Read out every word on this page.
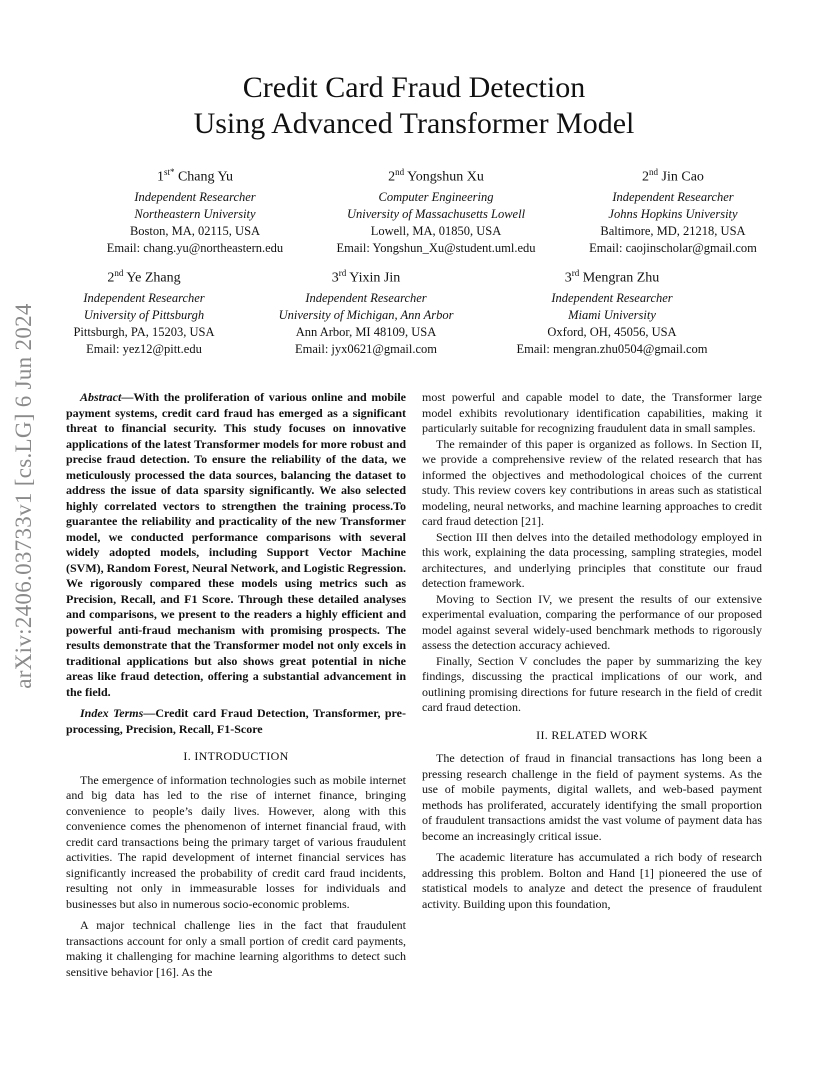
arXiv:2406.03733v1 [cs.LG] 6 Jun 2024
Credit Card Fraud Detection
Using Advanced Transformer Model
$1^{st*}$ Chang Yu
Independent Researcher
Northeastern University
Boston, MA, 02115, USA
Email: chang.yu@northeastern.edu
2nd Yongshun Xu
Computer Engineering
University of Massachusetts Lowell
Lowell, MA, 01850, USA
Email: Yongshun_Xu@student.uml.edu
2nd Jin Cao
Independent Researcher
Johns Hopkins University
Baltimore, MD, 21218, USA
Email: caojinscholar@gmail.com
2nd Ye Zhang
Independent Researcher
University of Pittsburgh
Pittsburgh, PA, 15203, USA
Email: yez12@pitt.edu
3rd Yixin Jin
Independent Researcher
University of Michigan, Ann Arbor
Ann Arbor, MI 48109, USA
Email: jyx0621@gmail.com
3rd Mengran Zhu
Independent Researcher
Miami University
Oxford, OH, 45056, USA
Email: mengran.zhu0504@gmail.com

Abstract—With the proliferation of various online and mobile payment systems, credit card fraud has emerged as a significant threat to financial security. This study focuses on innovative applications of the latest Transformer models for more robust and precise fraud detection. To ensure the reliability of the data, we meticulously processed the data sources, balancing the dataset to address the issue of data sparsity significantly. We also selected highly correlated vectors to strengthen the training process.To guarantee the reliability and practicality of the new Transformer model, we conducted performance comparisons with several widely adopted models, including Support Vector Machine (SVM), Random Forest, Neural Network, and Logistic Regression. We rigorously compared these models using metrics such as Precision, Recall, and F1 Score. Through these detailed analyses and comparisons, we present to the readers a highly efficient and powerful anti-fraud mechanism with promising prospects. The results demonstrate that the Transformer model not only excels in traditional applications but also shows great potential in niche areas like fraud detection, offering a substantial advancement in the field.

Index Terms—Credit card Fraud Detection, Transformer, pre-processing, Precision, Recall, F1-Score

I. INTRODUCTION

The emergence of information technologies such as mobile internet and big data has led to the rise of internet finance, bringing convenience to people’s daily lives. However, along with this convenience comes the phenomenon of internet financial fraud, with credit card transactions being the primary target of various fraudulent activities. The rapid development of internet financial services has significantly increased the probability of credit card fraud incidents, resulting not only in immeasurable losses for individuals and businesses but also in numerous socio-economic problems.

A major technical challenge lies in the fact that fraudulent transactions account for only a small portion of credit card payments, making it challenging for machine learning algorithms to detect such sensitive behavior [16]. As the

most powerful and capable model to date, the Transformer large model exhibits revolutionary identification capabilities, making it particularly suitable for recognizing fraudulent data in small samples.

The remainder of this paper is organized as follows. In Section II, we provide a comprehensive review of the related research that has informed the objectives and methodological choices of the current study. This review covers key contributions in areas such as statistical modeling, neural networks, and machine learning approaches to credit card fraud detection [21].

Section III then delves into the detailed methodology employed in this work, explaining the data processing, sampling strategies, model architectures, and underlying principles that constitute our fraud detection framework.

Moving to Section IV, we present the results of our extensive experimental evaluation, comparing the performance of our proposed model against several widely-used benchmark methods to rigorously assess the detection accuracy achieved.

Finally, Section V concludes the paper by summarizing the key findings, discussing the practical implications of our work, and outlining promising directions for future research in the field of credit card fraud detection.

II. RELATED WORK

The detection of fraud in financial transactions has long been a pressing research challenge in the field of payment systems. As the use of mobile payments, digital wallets, and web-based payment methods has proliferated, accurately identifying the small proportion of fraudulent transactions amidst the vast volume of payment data has become an increasingly critical issue.

The academic literature has accumulated a rich body of research addressing this problem. Bolton and Hand [1] pioneered the use of statistical models to analyze and detect the presence of fraudulent activity. Building upon this foundation,
